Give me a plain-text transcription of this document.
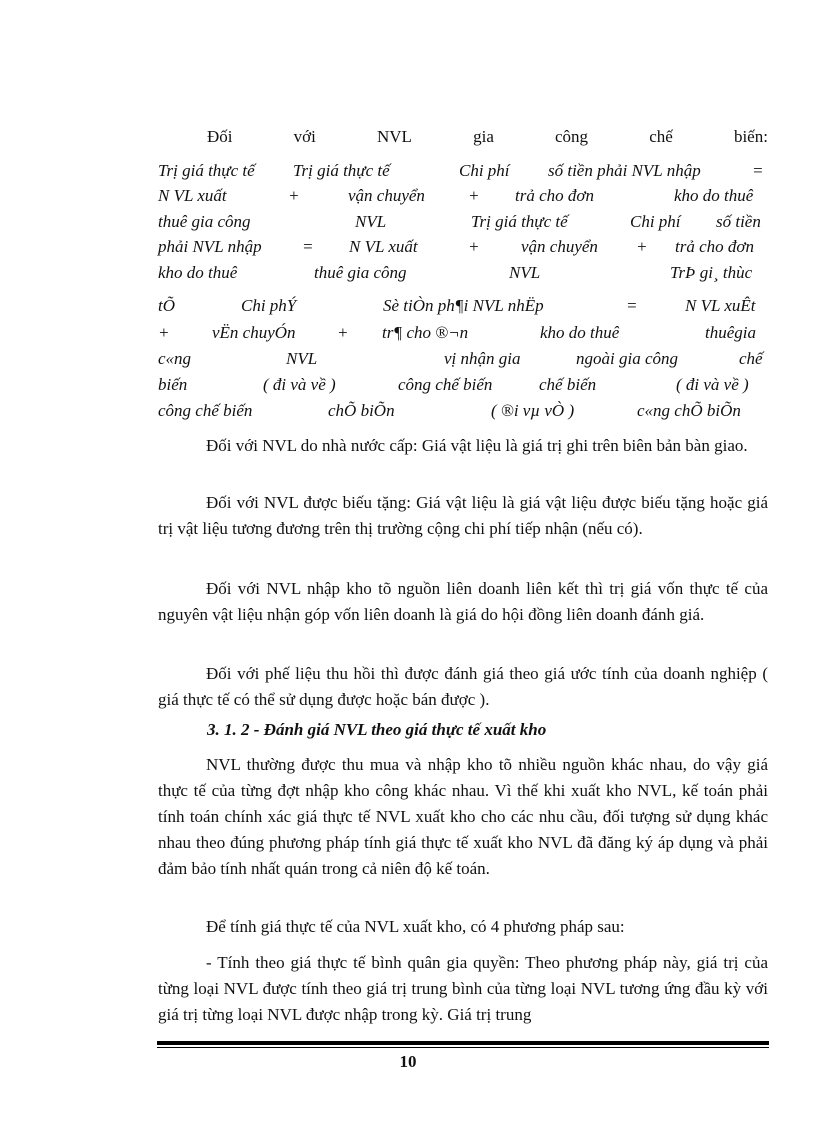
Đối	với	NVL	gia	công	chế	biến:
Trị giá thực tế Trị giá thực tế	Chi phí số tiền phải NVL nhập	=
N VL xuất	+	vận chuyển	+ trả cho đơn	kho do thuê
thuê gia công	NVL	Trị giá thực tế	Chi phí số tiền
phải NVL nhập = N VL xuất	+ vận chuyển + trả cho đơn
kho do thuê	thuê gia công	NVL	TrÞ gi¸ thùc
tÕ	Chi phÝ	Sè tiÒn ph¶i NVL nhËp	=	N VL xuÊt
+	vËn chuyÓn + tr¶ cho ®¬n	kho do thuê	thuêgia
c«ng	NVL	vị nhận gia	ngoài gia công	chế
biến	( đi và về )	công chế biến	chế biến	( đi và về )
công chế biến	chÕ biÕn	( ®i vµ vÒ )	c«ng chÕ biÕn
Đối với NVL do nhà nước cấp: Giá vật liệu là giá trị ghi trên biên bản bàn giao.
Đối với NVL được biếu tặng: Giá vật liệu là giá vật liệu được biếu tặng hoặc giá trị vật liệu tương đương trên thị trường cộng chi phí tiếp nhận (nếu có).
Đối với NVL nhập kho tõ nguồn liên doanh liên kết thì trị giá vốn thực tế của nguyên vật liệu nhận góp vốn liên doanh là giá do hội đồng liên doanh đánh giá.
Đối với phế liệu thu hồi thì được đánh giá theo giá ước tính của doanh nghiệp ( giá thực tế có thể sử dụng được hoặc bán được ).
3. 1. 2 - Đánh giá NVL theo giá thực tế xuất kho
NVL thường được thu mua và nhập kho tõ nhiều nguồn khác nhau, do vậy giá thực tế của từng đợt nhập kho công khác nhau. Vì thế khi xuất kho NVL, kế toán phải tính toán chính xác giá thực tế NVL xuất kho cho các nhu cầu, đối tượng sử dụng khác nhau theo đúng phương pháp tính giá thực tế xuất kho NVL đã đăng ký áp dụng và phải đảm bảo tính nhất quán trong cả niên độ kế toán.
Để tính giá thực tế của NVL xuất kho, có 4 phương pháp sau:
- Tính theo giá thực tế bình quân gia quyền: Theo phương pháp này, giá trị của từng loại NVL được tính theo giá trị trung bình của từng loại NVL tương ứng đầu kỳ với giá trị từng loại NVL được nhập trong kỳ. Giá trị trung
10
